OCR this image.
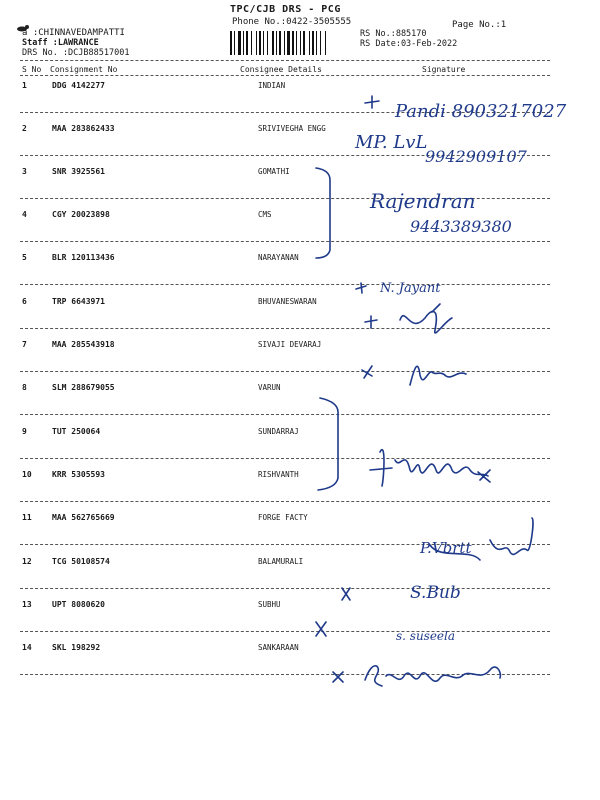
TPC/CJB DRS - PCG
Phone No.:0422-3505555	Page No.:1
a :CHINNAVEDAMPATTI
Staff :LAWRANCE
DRS No. :DCJB88517001
RS No.:885170
RS Date:03-Feb-2022
S No Consignment No	Consignee Details	Signature
1	DDG 4142277	INDIAN
2	MAA 283862433	SRIVIVEGHA ENGG
3	SNR 3925561	GOMATHI
4	CGY 20023898	CMS
5	BLR 120113436	NARAYANAN
6	TRP 6643971	BHUVANESWARAN
7	MAA 285543918	SIVAJI DEVARAJ
8	SLM 288679055	VARUN
9	TUT 250064	SUNDARRAJ
10	KRR 5305593	RISHVANTH
11	MAA 562765669	FORGE FACTY
12	TCG 50108574	BALAMURALI
13	UPT 8080620	SUBHU
14	SKL 198292	SANKARAAN
Pandi 8903217027
MP. LvL
9942909107
Rajendran
9443389380
N. Jayant
P.Vbrtt
S.Bub
s. suseela
